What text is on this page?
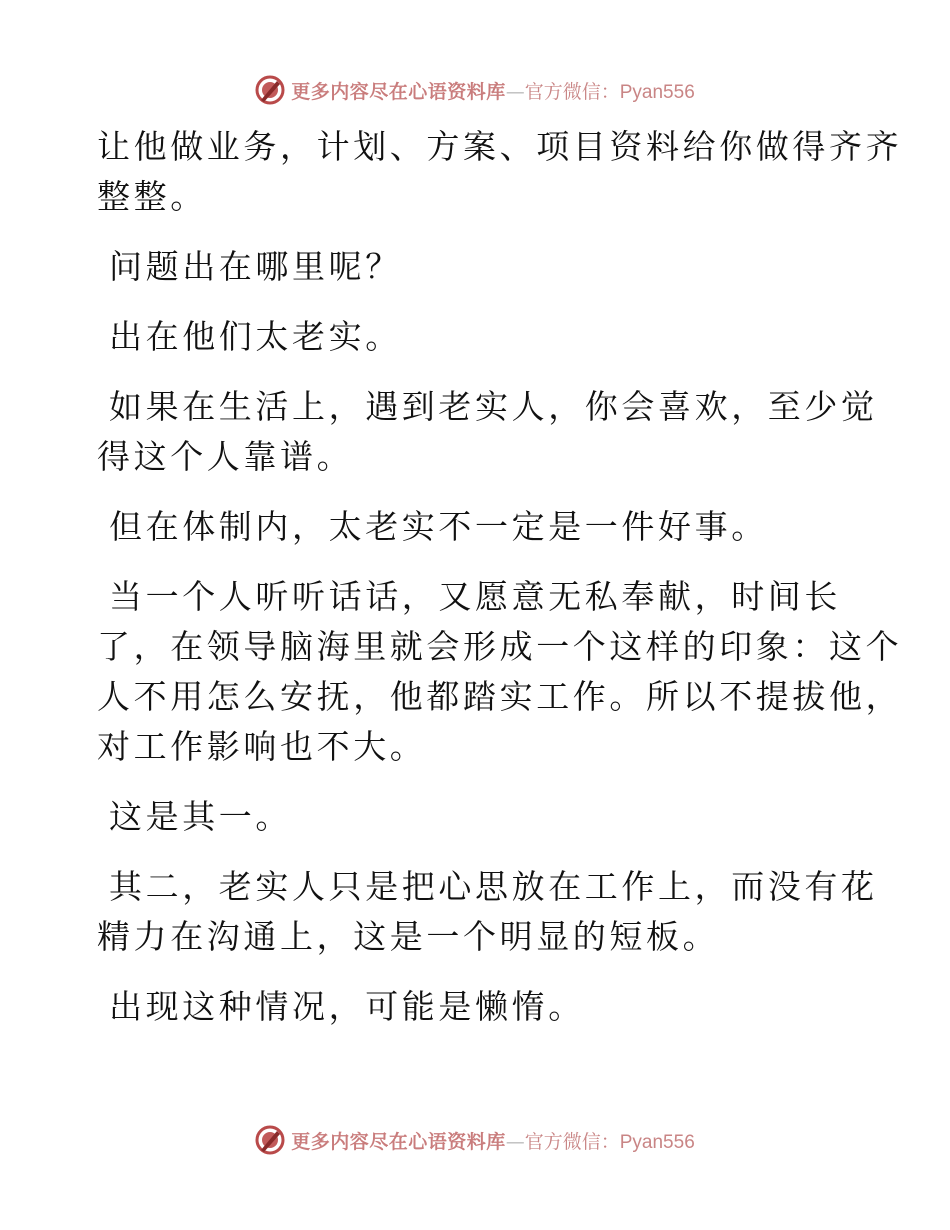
更多内容尽在心语资料库—官方微信：Pyan556

让他做业务，计划、方案、项目资料给你做得齐齐
整整。

问题出在哪里呢？

出在他们太老实。

如果在生活上，遇到老实人，你会喜欢，至少觉
得这个人靠谱。

但在体制内，太老实不一定是一件好事。

当一个人听听话话，又愿意无私奉献，时间长
了，在领导脑海里就会形成一个这样的印象：这个
人不用怎么安抚，他都踏实工作。所以不提拔他，
对工作影响也不大。

这是其一。

其二，老实人只是把心思放在工作上，而没有花
精力在沟通上，这是一个明显的短板。

出现这种情况，可能是懒惰。

更多内容尽在心语资料库—官方微信：Pyan556
